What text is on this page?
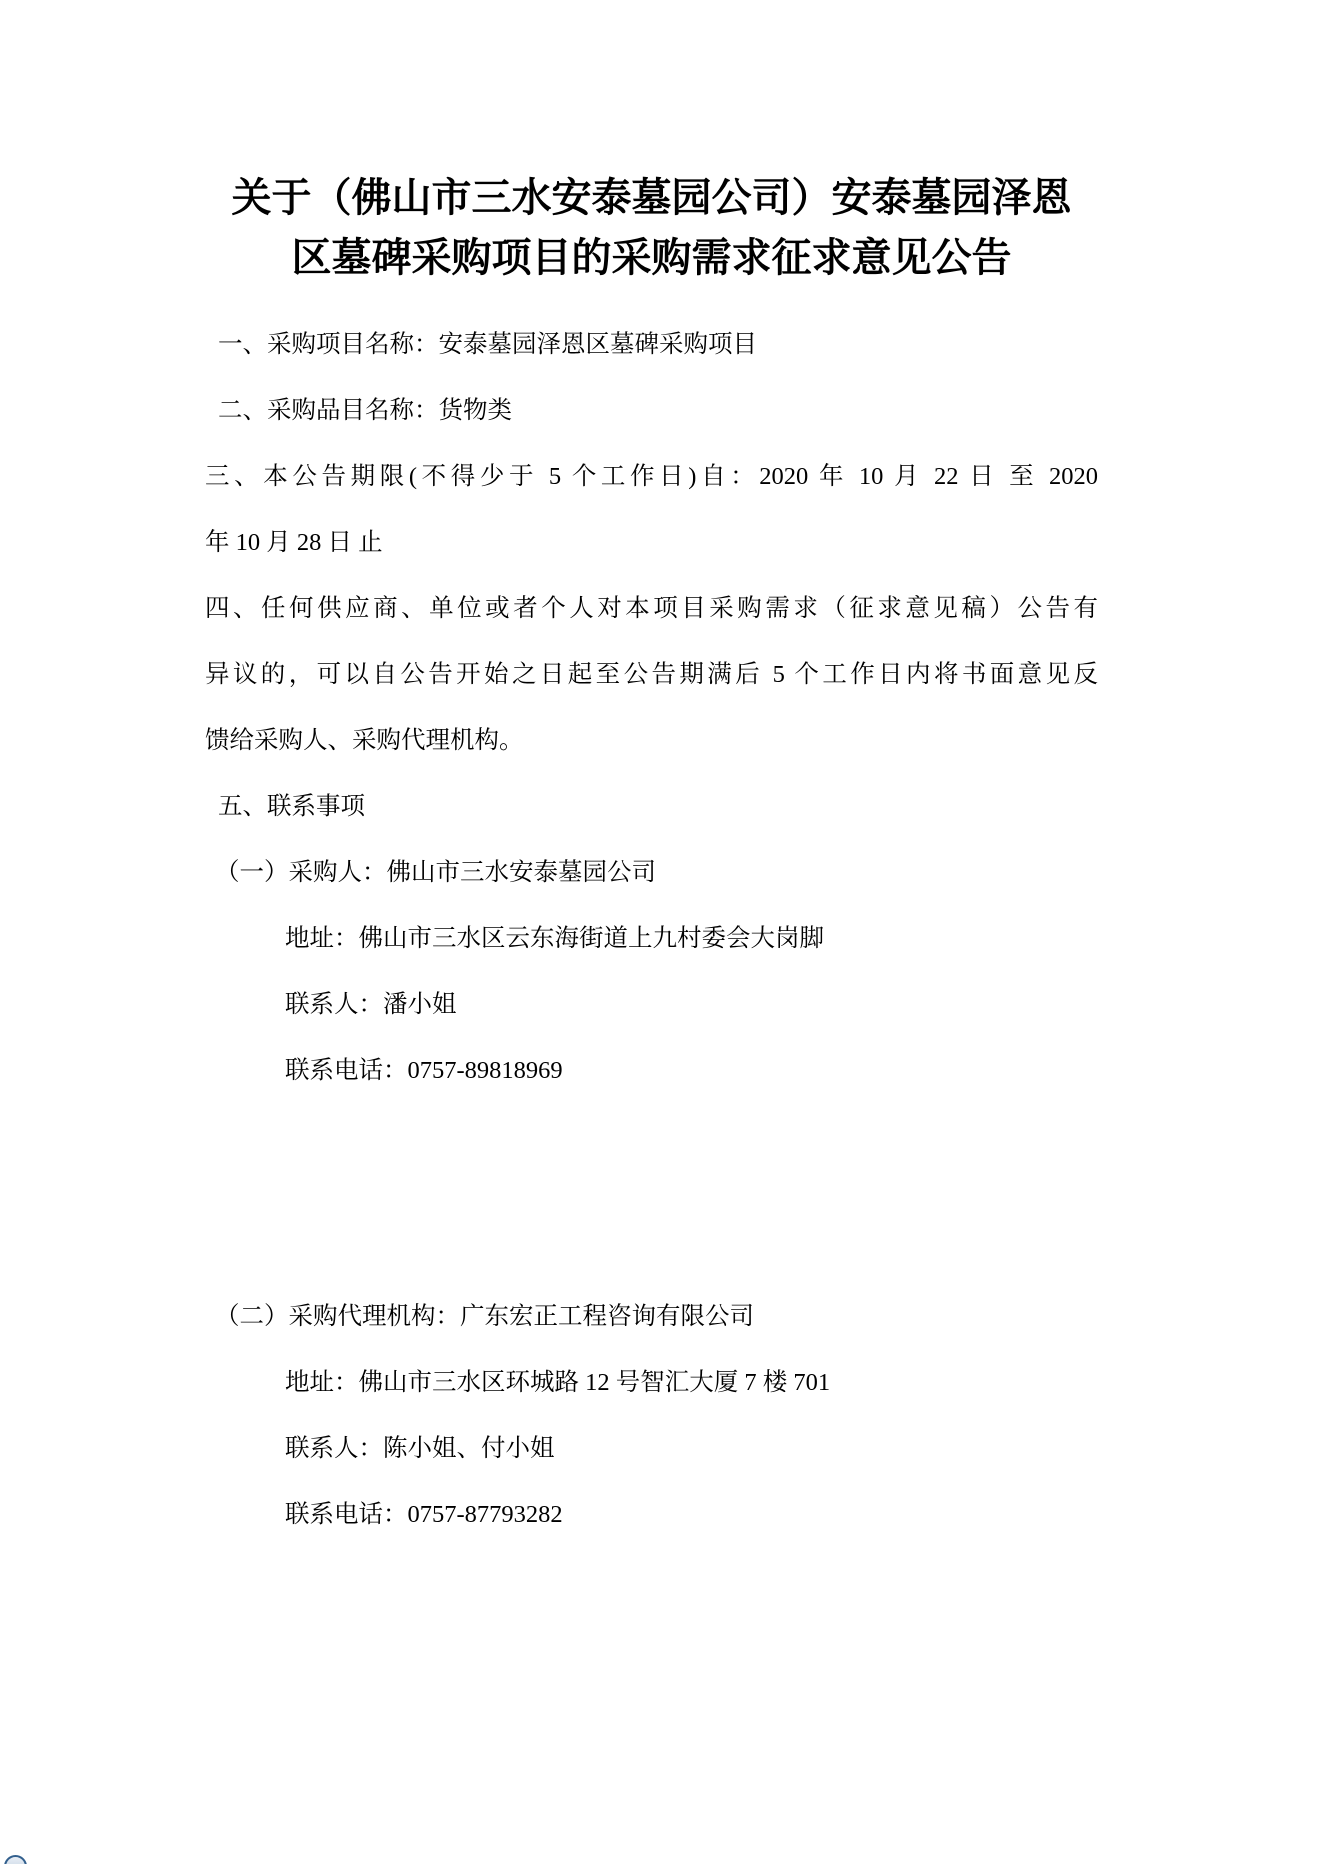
关于（佛山市三水安泰墓园公司）安泰墓园泽恩
区墓碑采购项目的采购需求征求意见公告
一、采购项目名称：安泰墓园泽恩区墓碑采购项目
二、采购品目名称：货物类
三、本公告期限(不得少于 5 个工作日)自：2020 年 10 月 22 日 至 2020
年 10 月 28 日 止
四、任何供应商、单位或者个人对本项目采购需求（征求意见稿）公告有
异议的，可以自公告开始之日起至公告期满后 5 个工作日内将书面意见反
馈给采购人、采购代理机构。
五、联系事项
（一）采购人：佛山市三水安泰墓园公司
地址：佛山市三水区云东海街道上九村委会大岗脚
联系人：潘小姐
联系电话：0757-89818969
（二）采购代理机构：广东宏正工程咨询有限公司
地址：佛山市三水区环城路 12 号智汇大厦 7 楼 701
联系人：陈小姐、付小姐
联系电话：0757-87793282
